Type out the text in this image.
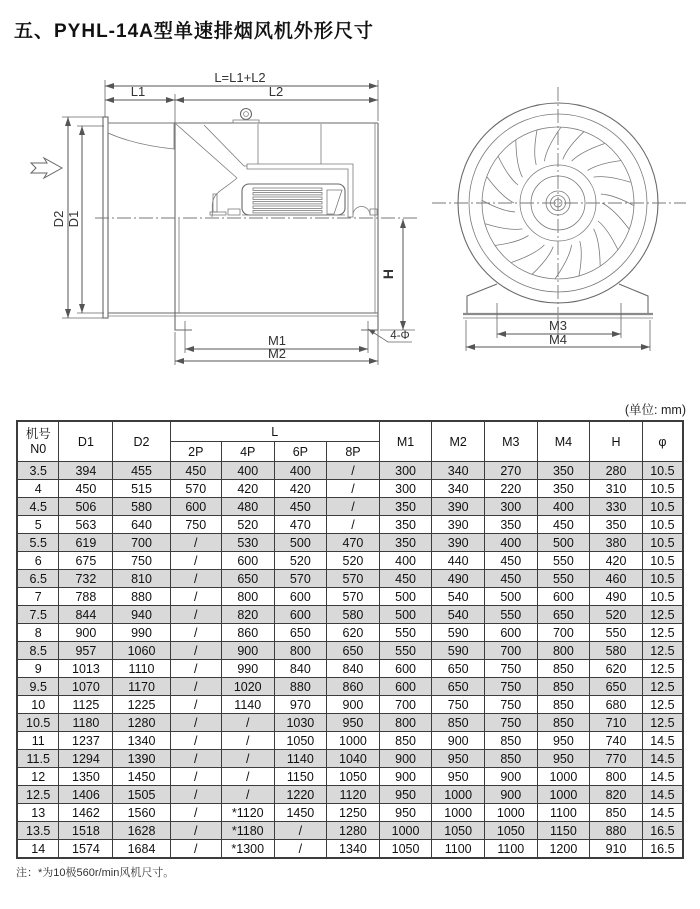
五、PYHL-14A型单速排烟风机外形尺寸
L=L1+L2
L1	L2
D2 D1
M1
M2
H
4-Φ
M3
M4
(单位: mm)
机号
N0	D1	D2	L				M1	M2	M3	M4	H	φ
			2P	4P	6P	8P						
3.5	394	455	450	400	400	/	300	340	270	350	280	10.5
4	450	515	570	420	420	/	300	340	220	350	310	10.5
4.5	506	580	600	480	450	/	350	390	300	400	330	10.5
5	563	640	750	520	470	/	350	390	350	450	350	10.5
5.5	619	700	/	530	500	470	350	390	400	500	380	10.5
6	675	750	/	600	520	520	400	440	450	550	420	10.5
6.5	732	810	/	650	570	570	450	490	450	550	460	10.5
7	788	880	/	800	600	570	500	540	500	600	490	10.5
7.5	844	940	/	820	600	580	500	540	550	650	520	12.5
8	900	990	/	860	650	620	550	590	600	700	550	12.5
8.5	957	1060	/	900	800	650	550	590	700	800	580	12.5
9	1013	1110	/	990	840	840	600	650	750	850	620	12.5
9.5	1070	1170	/	1020	880	860	600	650	750	850	650	12.5
10	1125	1225	/	1140	970	900	700	750	750	850	680	12.5
10.5	1180	1280	/	/	1030	950	800	850	750	850	710	12.5
11	1237	1340	/	/	1050	1000	850	900	850	950	740	14.5
11.5	1294	1390	/	/	1140	1040	900	950	850	950	770	14.5
12	1350	1450	/	/	1150	1050	900	950	900	1000	800	14.5
12.5	1406	1505	/	/	1220	1120	950	1000	900	1000	820	14.5
13	1462	1560	/	*1120	1450	1250	950	1000	1000	1100	850	14.5
13.5	1518	1628	/	*1180	/	1280	1000	1050	1050	1150	880	16.5
14	1574	1684	/	*1300	/	1340	1050	1100	1100	1200	910	16.5
注：*为10极560r/min风机尺寸。
